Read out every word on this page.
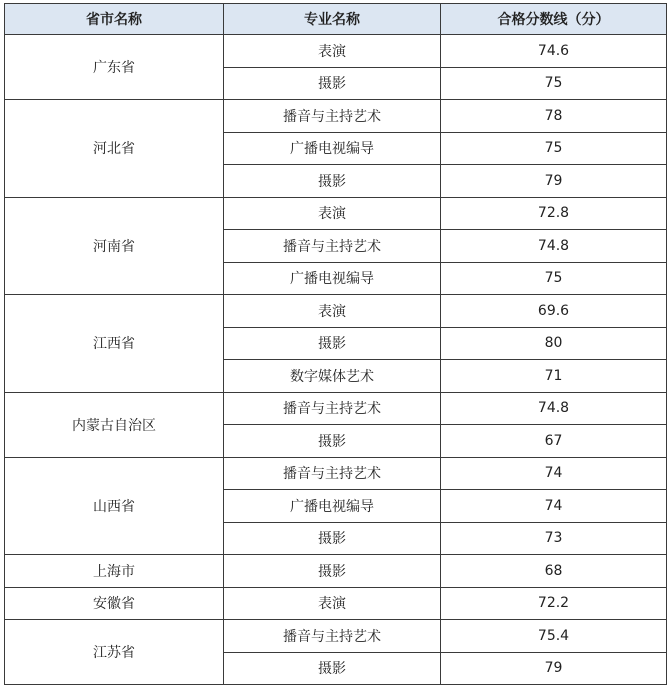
省市名称	专业名称	合格分数线（分）
广东省	表演	74.6
	摄影	75
河北省	播音与主持艺术	78
	广播电视编导	75
	摄影	79
河南省	表演	72.8
	播音与主持艺术	74.8
	广播电视编导	75
江西省	表演	69.6
	摄影	80
	数字媒体艺术	71
内蒙古自治区	播音与主持艺术	74.8
	摄影	67
山西省	播音与主持艺术	74
	广播电视编导	74
	摄影	73
上海市	摄影	68
安徽省	表演	72.2
江苏省	播音与主持艺术	75.4
	摄影	79
